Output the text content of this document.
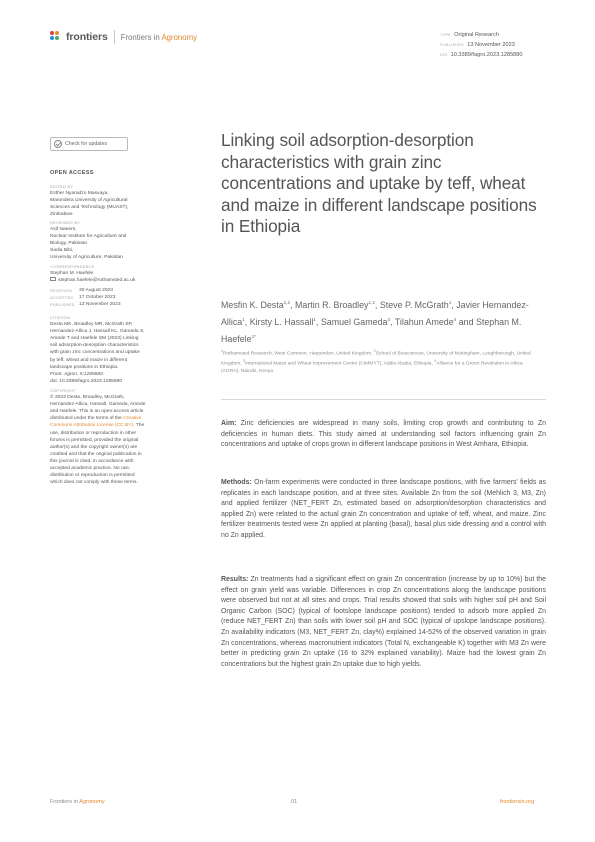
frontiers Frontiers in Agronomy	TYPE Original Research
PUBLISHED 13 November 2023
DOI 10.3389/fagro.2023.1285880
Check for updates
OPEN ACCESS
EDITED BY
Esther Nyaradzo Masvaya,
Marondera University of Agricultural
Sciences and Technology (MUAST),
Zimbabwe
REVIEWED BY
Asif Naeem,
Nuclear Institute for Agriculture and
Biology, Pakistan
Sadia Bibi,
University of Agriculture, Pakistan
*CORRESPONDENCE
Stephan M. Haefele
stephan.haefele@rothamsted.ac.uk
RECEIVED	30 August 2023
ACCEPTED	17 October 2023
PUBLISHED 13 November 2023
CITATION
Desta MK, Broadley MR, McGrath SP,
Hernandez-Allica J, Hassall KL, Gameda S,
Amede T and Haefele SM (2023) Linking
soil adsorption-desorption characteristics
with grain zinc concentrations and uptake
by teff, wheat and maize in different
landscape positions in Ethiopia.
Front. Agron. 5:1285880.
doi: 10.3389/fagro.2023.1285880
COPYRIGHT
© 2023 Desta, Broadley, McGrath,
Hernandez-Allica, Hassall, Gameda, Amede
and Haefele. This is an open-access article
distributed under the terms of the Creative
Commons Attribution License (CC BY). The
use, distribution or reproduction in other
forums is permitted, provided the original
author(s) and the copyright owner(s) are
credited and that the original publication in
this journal is cited, in accordance with
accepted academic practice. No use,
distribution or reproduction is permitted
which does not comply with these terms.
Linking soil adsorption-desorption characteristics with grain zinc concentrations and uptake by teff, wheat and maize in different landscape positions in Ethiopia
Mesfin K. Desta$^{1,2}$, Martin R. Broadley$^{1,2}$, Steve P. McGrath$^1$, Javier Hernandez-Allica$^1$, Kirsty L. Hassall$^1$, Samuel Gameda$^3$, Tilahun Amede$^4$ and Stephan M. Haefele$^{1*}$
$^1$Rothamsted Research, West Common, Harpenden, United Kingdom, $^2$School of Biosciences, University of Nottingham, Loughborough, United Kingdom, $^3$International Maize and Wheat Improvement Centre (CIMMYT), Addis Ababa, Ethiopia, $^4$Alliance for a Green Revolution in Africa (AGRA), Nairobi, Kenya

Aim: Zinc deficiencies are widespread in many soils, limiting crop growth and contributing to Zn deficiencies in human diets. This study aimed at understanding soil factors influencing grain Zn concentrations and uptake of crops grown in different landscape positions in West Amhara, Ethiopia.

Methods: On-farm experiments were conducted in three landscape positions, with five farmers' fields as replicates in each landscape position, and at three sites. Available Zn from the soil (Mehlich 3, M3, Zn) and applied fertilizer (NET_FERT Zn, estimated based on adsorption/desorption characteristics and applied Zn) were related to the actual grain Zn concentration and uptake of teff, wheat, and maize. Zinc fertilizer treatments tested were Zn applied at planting (basal), basal plus side dressing and a control with no Zn applied.

Results: Zn treatments had a significant effect on grain Zn concentration (increase by up to 10%) but the effect on grain yield was variable. Differences in crop Zn concentrations along the landscape positions were observed but not at all sites and crops. Trial results showed that soils with higher soil pH and Soil Organic Carbon (SOC) (typical of footslope landscape positions) tended to adsorb more applied Zn (reduce NET_FERT Zn) than soils with lower soil pH and SOC (typical of upslope landscape positions). Zn availability indicators (M3, NET_FERT Zn, clay%) explained 14-52% of the observed variation in grain Zn concentrations, whereas macronutrient indicators (Total N, exchangeable K) together with M3 Zn were better in predicting grain Zn uptake (16 to 32% explained variability). Maize had the lowest grain Zn concentrations but the highest grain Zn uptake due to high yields.

Frontiers in Agronomy	01	frontiersin.org
